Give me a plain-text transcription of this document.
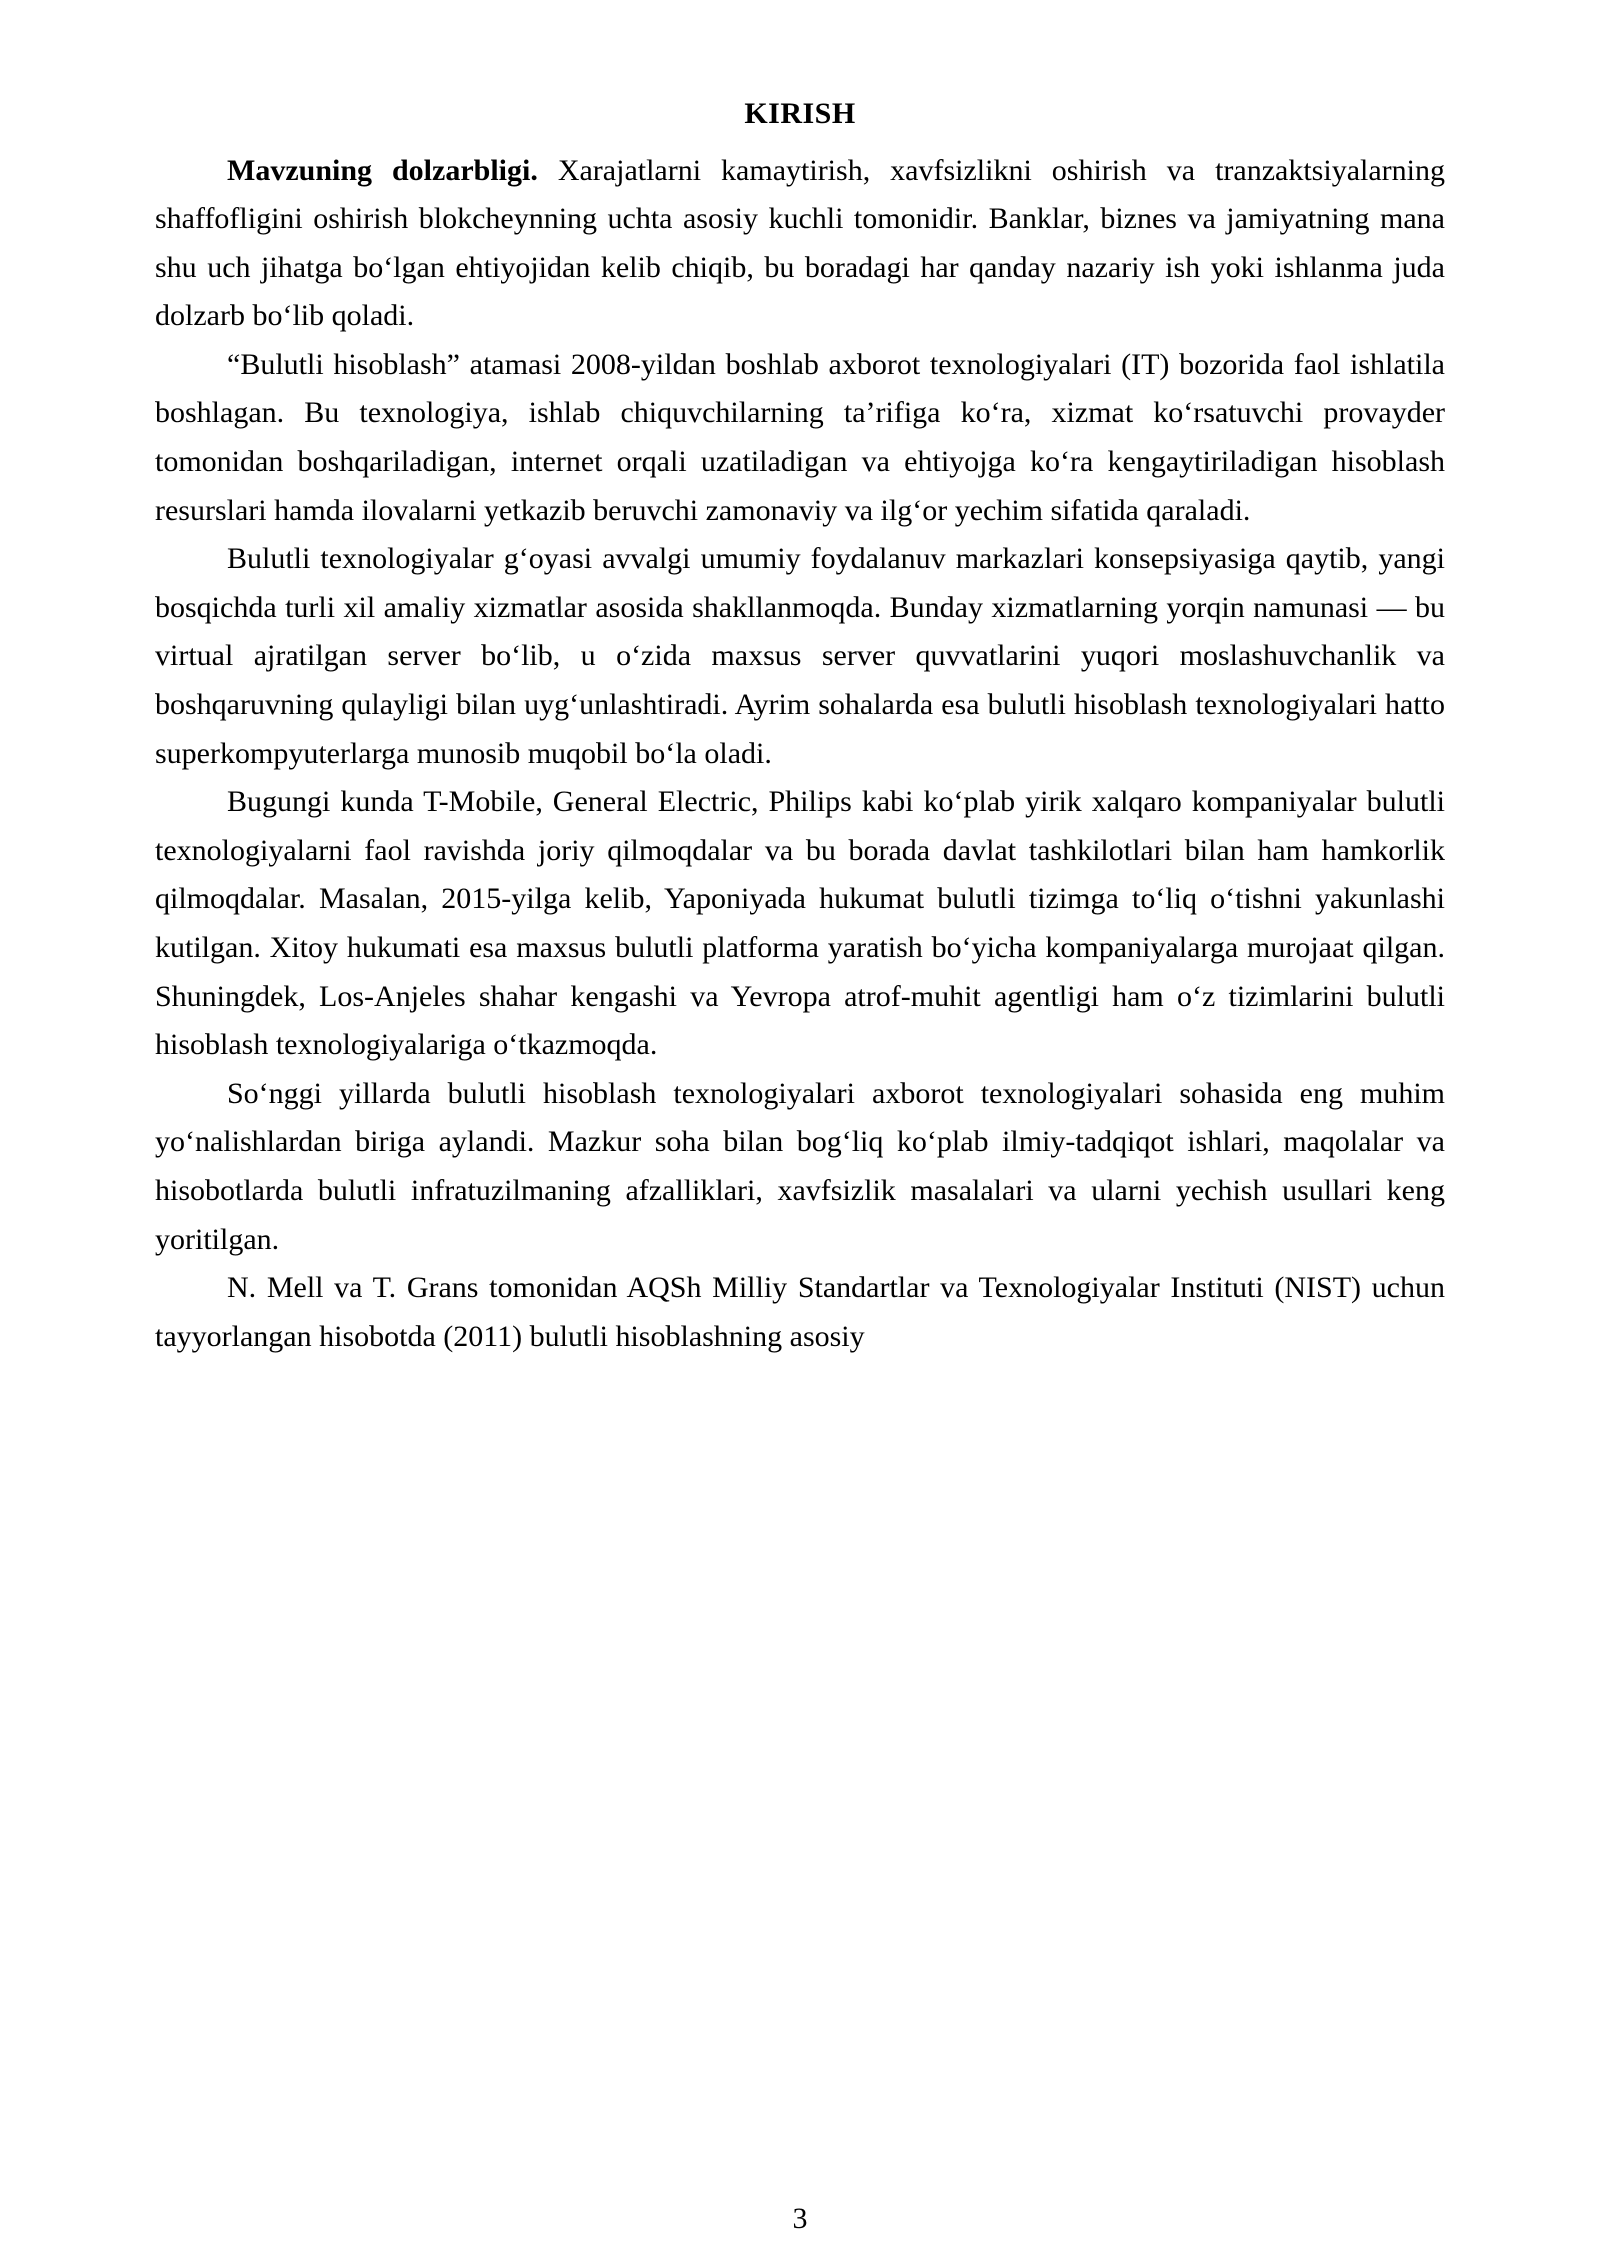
KIRISH

Mavzuning dolzarbligi. Xarajatlarni kamaytirish, xavfsizlikni oshirish va tranzaktsiyalarning shaffofligini oshirish blokcheynning uchta asosiy kuchli tomonidir. Banklar, biznes va jamiyatning mana shu uch jihatga bo‘lgan ehtiyojidan kelib chiqib, bu boradagi har qanday nazariy ish yoki ishlanma juda dolzarb bo‘lib qoladi.

“Bulutli hisoblash” atamasi 2008-yildan boshlab axborot texnologiyalari (IT) bozorida faol ishlatila boshlagan. Bu texnologiya, ishlab chiquvchilarning ta’rifiga ko‘ra, xizmat ko‘rsatuvchi provayder tomonidan boshqariladigan, internet orqali uzatiladigan va ehtiyojga ko‘ra kengaytiriladigan hisoblash resurslari hamda ilovalarni yetkazib beruvchi zamonaviy va ilg‘or yechim sifatida qaraladi.

Bulutli texnologiyalar g‘oyasi avvalgi umumiy foydalanuv markazlari konsepsiyasiga qaytib, yangi bosqichda turli xil amaliy xizmatlar asosida shakllanmoqda. Bunday xizmatlarning yorqin namunasi — bu virtual ajratilgan server bo‘lib, u o‘zida maxsus server quvvatlarini yuqori moslashuvchanlik va boshqaruvning qulayligi bilan uyg‘unlashtiradi. Ayrim sohalarda esa bulutli hisoblash texnologiyalari hatto superkompyuterlarga munosib muqobil bo‘la oladi.

Bugungi kunda T-Mobile, General Electric, Philips kabi ko‘plab yirik xalqaro kompaniyalar bulutli texnologiyalarni faol ravishda joriy qilmoqdalar va bu borada davlat tashkilotlari bilan ham hamkorlik qilmoqdalar. Masalan, 2015-yilga kelib, Yaponiyada hukumat bulutli tizimga to‘liq o‘tishni yakunlashi kutilgan. Xitoy hukumati esa maxsus bulutli platforma yaratish bo‘yicha kompaniyalarga murojaat qilgan. Shuningdek, Los-Anjeles shahar kengashi va Yevropa atrof-muhit agentligi ham o‘z tizimlarini bulutli hisoblash texnologiyalariga o‘tkazmoqda.

So‘nggi yillarda bulutli hisoblash texnologiyalari axborot texnologiyalari sohasida eng muhim yo‘nalishlardan biriga aylandi. Mazkur soha bilan bog‘liq ko‘plab ilmiy-tadqiqot ishlari, maqolalar va hisobotlarda bulutli infratuzilmaning afzalliklari, xavfsizlik masalalari va ularni yechish usullari keng yoritilgan.

N. Mell va T. Grans tomonidan AQSh Milliy Standartlar va Texnologiyalar Instituti (NIST) uchun tayyorlangan hisobotda (2011) bulutli hisoblashning asosiy

3
